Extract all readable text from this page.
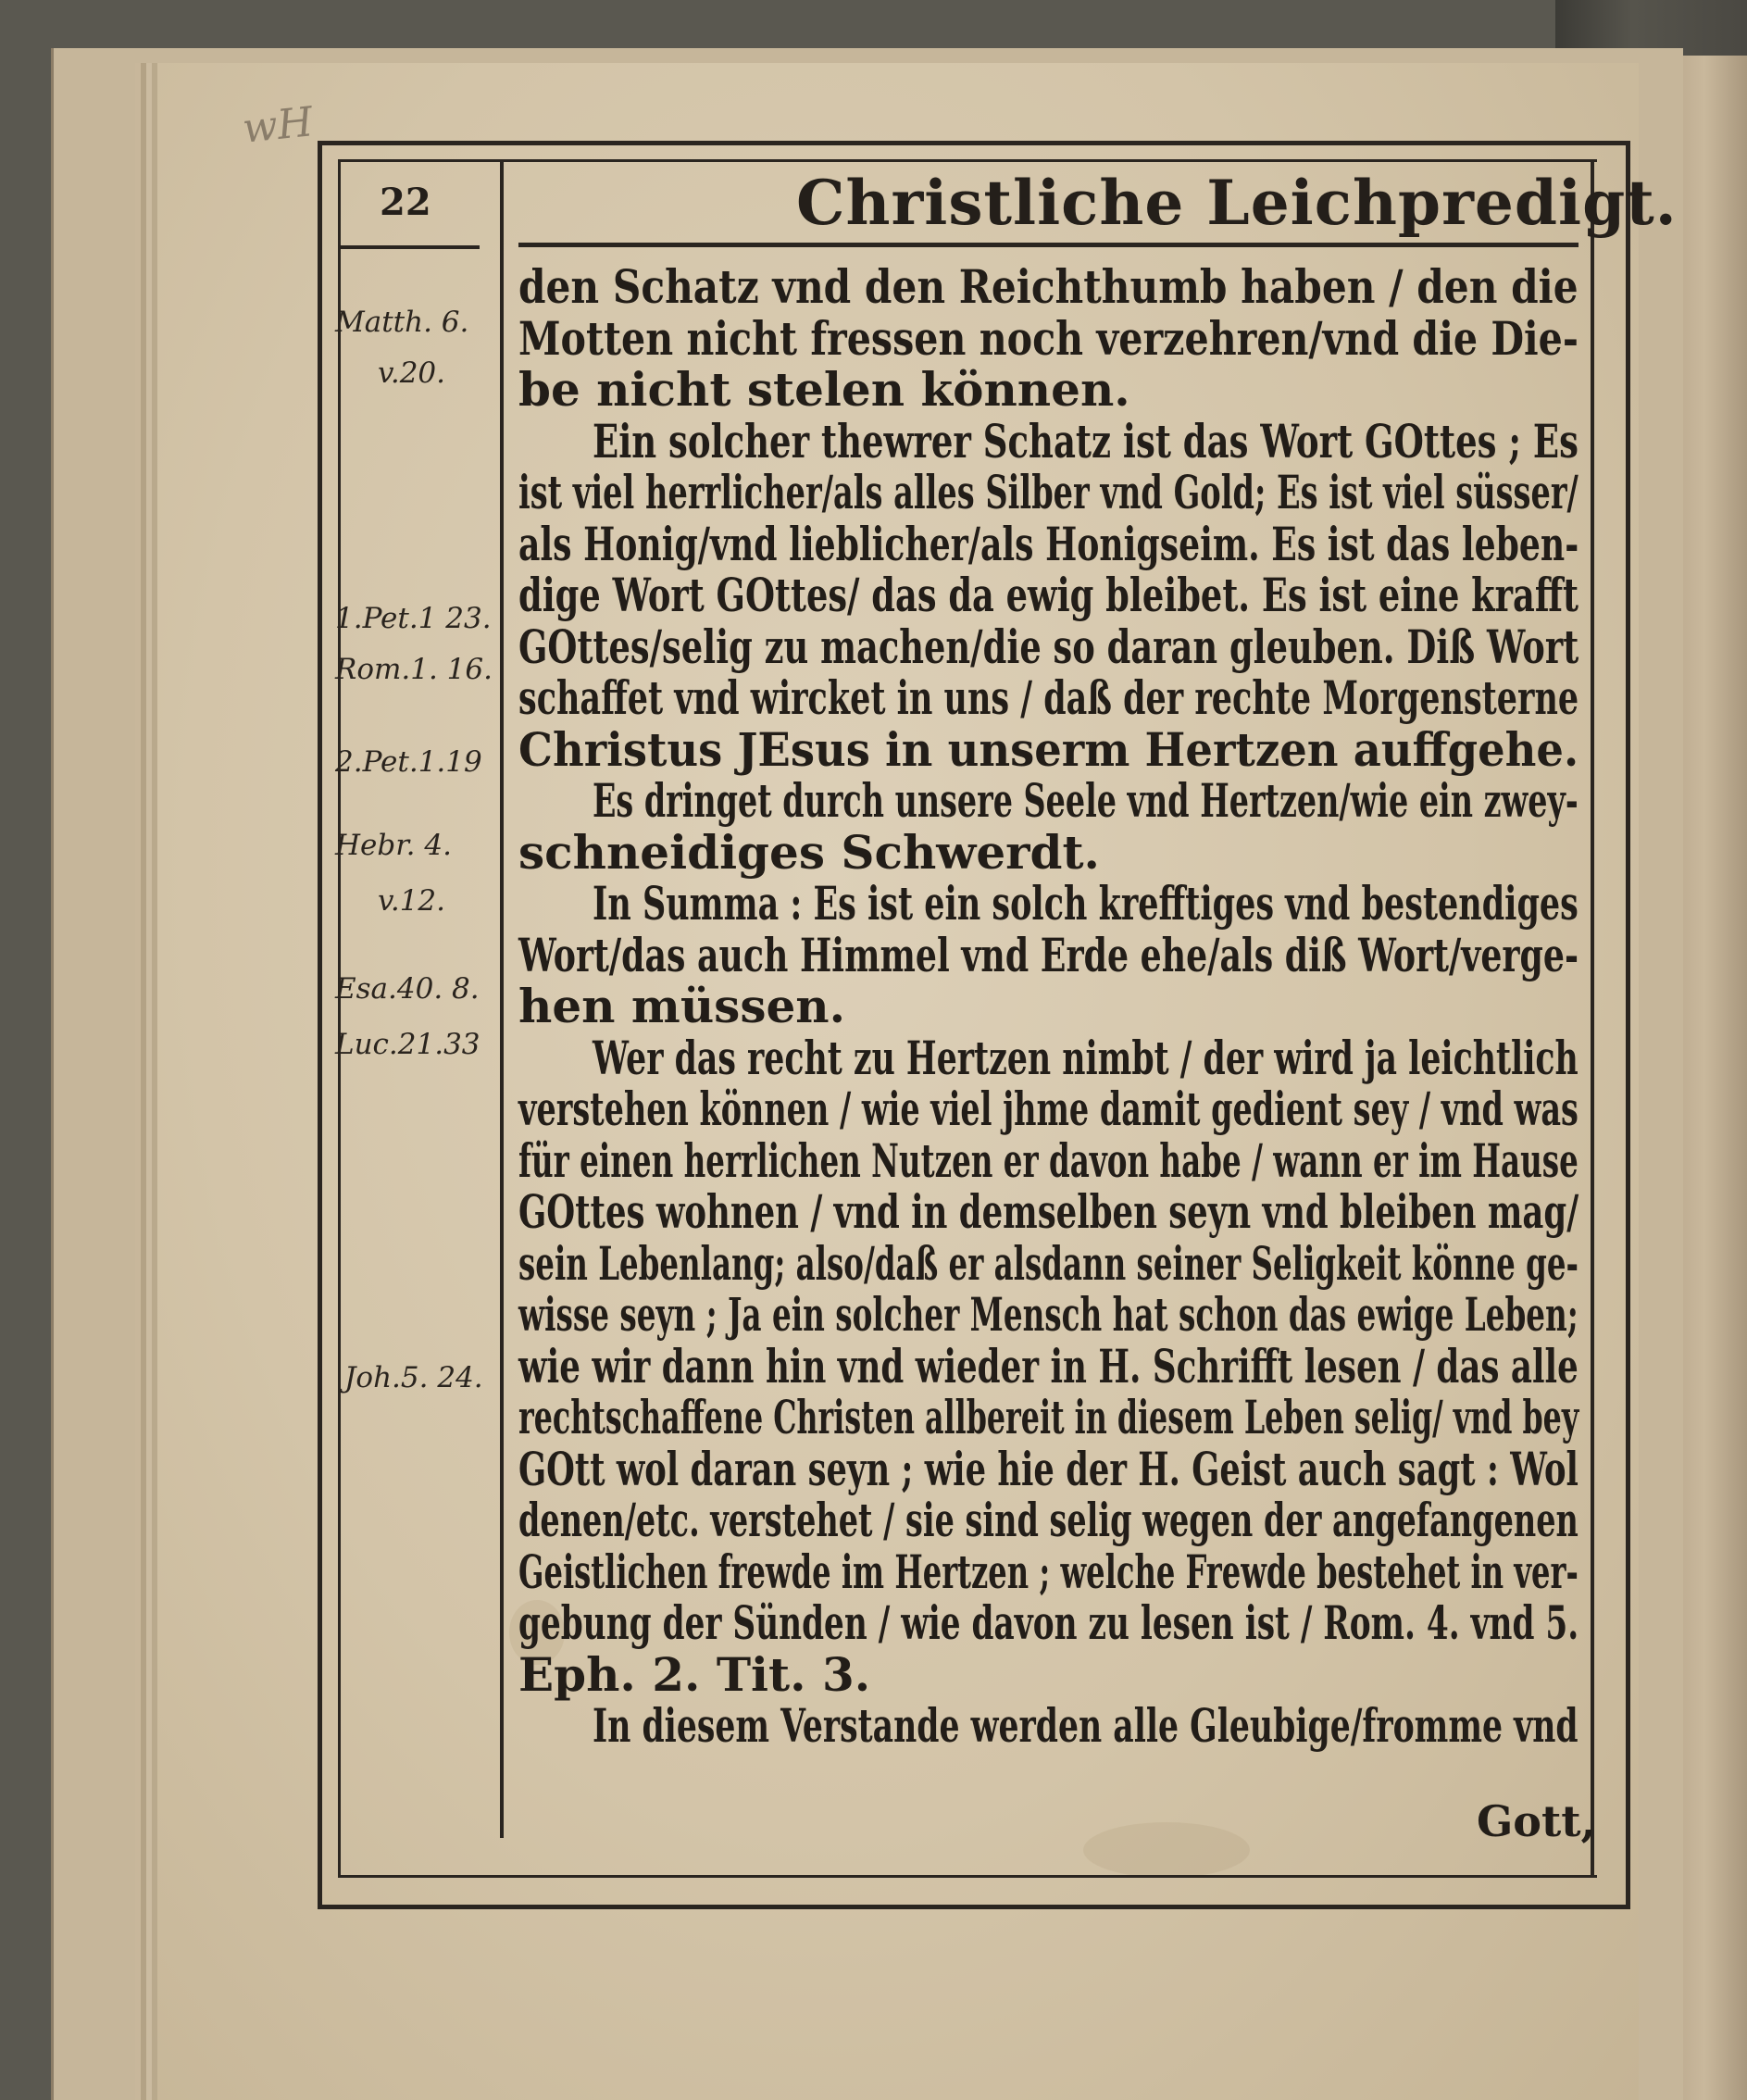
wH
22	Christliche Leichpredigt.
den Schatz vnd den Reichthumb haben / den die
Motten nicht fressen noch verzehren/vnd die Die-
be nicht stelen können.
Ein solcher thewrer Schatz ist das Wort GOttes ; Es
ist viel herrlicher/als alles Silber vnd Gold; Es ist viel süsser/
als Honig/vnd lieblicher/als Honigseim. Es ist das leben-
dige Wort GOttes/ das da ewig bleibet. Es ist eine krafft
GOttes/selig zu machen/die so daran gleuben. Diß Wort
schaffet vnd wircket in uns / daß der rechte Morgensterne
Christus JEsus in unserm Hertzen auffgehe.
Es dringet durch unsere Seele vnd Hertzen/wie ein zwey-
schneidiges Schwerdt.
In Summa : Es ist ein solch krefftiges vnd bestendiges
Wort/das auch Himmel vnd Erde ehe/als diß Wort/verge-
hen müssen.
Wer das recht zu Hertzen nimbt / der wird ja leichtlich
verstehen können / wie viel jhme damit gedient sey / vnd was
für einen herrlichen Nutzen er davon habe / wann er im Hause
GOttes wohnen / vnd in demselben seyn vnd bleiben mag/
sein Lebenlang; also/daß er alsdann seiner Seligkeit könne ge-
wisse seyn ; Ja ein solcher Mensch hat schon das ewige Leben;
wie wir dann hin vnd wieder in H. Schrifft lesen / das alle
rechtschaffene Christen allbereit in diesem Leben selig/ vnd bey
GOtt wol daran seyn ; wie hie der H. Geist auch sagt : Wol
denen/etc. verstehet / sie sind selig wegen der angefangenen
Geistlichen frewde im Hertzen ; welche Frewde bestehet in ver-
gebung der Sünden / wie davon zu lesen ist / Rom. 4. vnd 5.
Eph. 2. Tit. 3.
In diesem Verstande werden alle Gleubige/fromme vnd
Matth. 6.
v.20.
1.Pet.1 23.
Rom.1. 16.
2.Pet.1.19
Hebr. 4.
v.12.
Esa.40. 8.
Luc.21.33
Joh.5. 24.
Gott,
